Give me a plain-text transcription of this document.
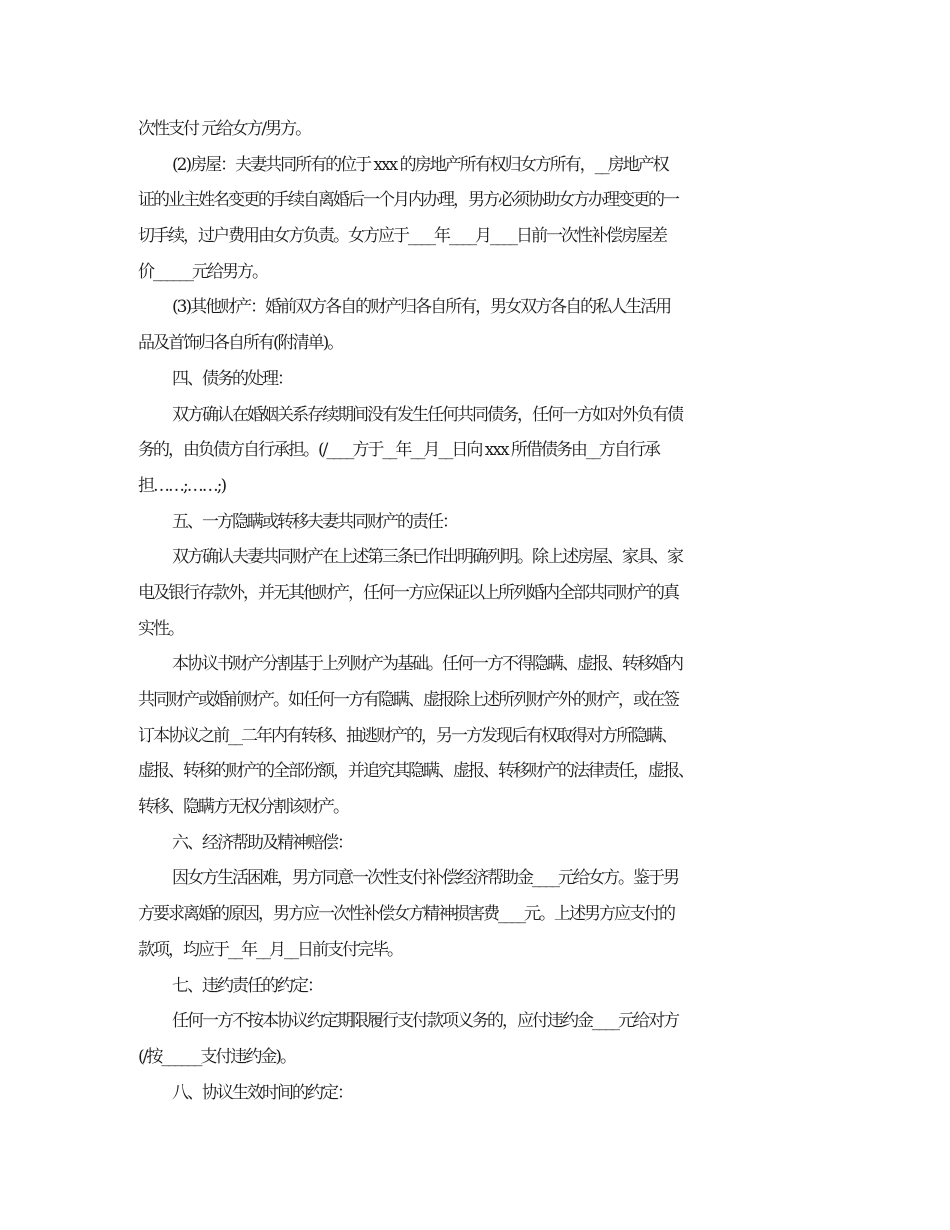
次性支付 元给女方/男方。
(2)房屋：夫妻共同所有的位于 xxx 的房地产所有权归女方所有，__房地产权
证的业主姓名变更的手续自离婚后一个月内办理，男方必须协助女方办理变更的一
切手续，过户费用由女方负责。女方应于____年____月____日前一次性补偿房屋差
价______元给男方。
(3)其他财产：婚前双方各自的财产归各自所有，男女双方各自的私人生活用
品及首饰归各自所有(附清单)。
四、债务的处理：
双方确认在婚姻关系存续期间没有发生任何共同债务，任何一方如对外负有债
务的，由负债方自行承担。(/____方于__年__月__日向 xxx 所借债务由__方自行承
担……;……;)
五、一方隐瞒或转移夫妻共同财产的责任：
双方确认夫妻共同财产在上述第三条已作出明确列明。除上述房屋、家具、家
电及银行存款外，并无其他财产，任何一方应保证以上所列婚内全部共同财产的真
实性。
本协议书财产分割基于上列财产为基础。任何一方不得隐瞒、虚报、转移婚内
共同财产或婚前财产。如任何一方有隐瞒、虚报除上述所列财产外的财产，或在签
订本协议之前__二年内有转移、抽逃财产的，另一方发现后有权取得对方所隐瞒、
虚报、转移的财产的全部份额，并追究其隐瞒、虚报、转移财产的法律责任，虚报、
转移、隐瞒方无权分割该财产。
六、经济帮助及精神赔偿：
因女方生活困难，男方同意一次性支付补偿经济帮助金____元给女方。鉴于男
方要求离婚的原因，男方应一次性补偿女方精神损害费____元。上述男方应支付的
款项，均应于__年__月__日前支付完毕。
七、违约责任的约定：
任何一方不按本协议约定期限履行支付款项义务的，应付违约金____元给对方
(/按______支付违约金)。
八、协议生效时间的约定：
